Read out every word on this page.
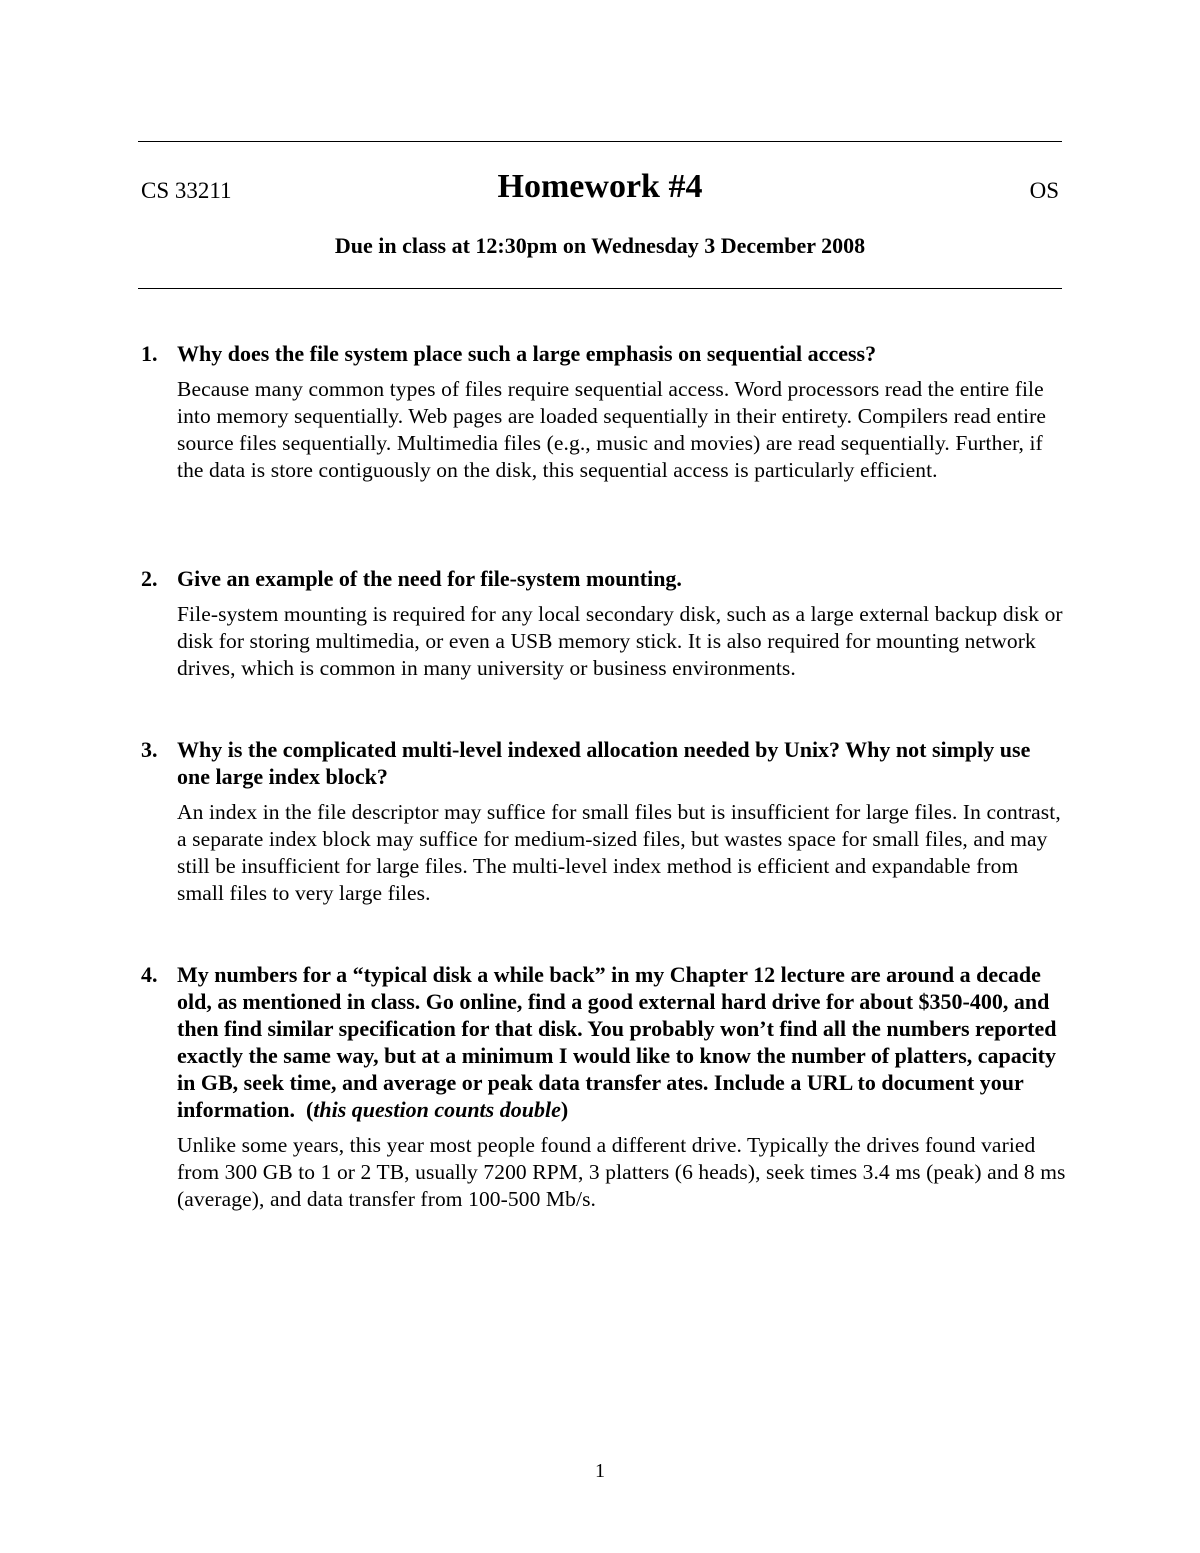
CS 33211	Homework #4	OS
Due in class at 12:30pm on Wednesday 3 December 2008
1. Why does the file system place such a large emphasis on sequential access?
Because many common types of files require sequential access. Word processors read the entire file into memory sequentially. Web pages are loaded sequentially in their entirety. Compilers read entire source files sequentially. Multimedia files (e.g., music and movies) are read sequentially. Further, if the data is store contiguously on the disk, this sequential access is particularly efficient.
2. Give an example of the need for file-system mounting.
File-system mounting is required for any local secondary disk, such as a large external backup disk or disk for storing multimedia, or even a USB memory stick. It is also required for mounting network drives, which is common in many university or business environments.
3. Why is the complicated multi-level indexed allocation needed by Unix? Why not simply use one large index block?
An index in the file descriptor may suffice for small files but is insufficient for large files. In contrast, a separate index block may suffice for medium-sized files, but wastes space for small files, and may still be insufficient for large files. The multi-level index method is efficient and expandable from small files to very large files.
4. My numbers for a “typical disk a while back” in my Chapter 12 lecture are around a decade old, as mentioned in class. Go online, find a good external hard drive for about $350-400, and then find similar specification for that disk. You probably won’t find all the numbers reported exactly the same way, but at a minimum I would like to know the number of platters, capacity in GB, seek time, and average or peak data transfer ates. Include a URL to document your information. (this question counts double)
Unlike some years, this year most people found a different drive. Typically the drives found varied from 300 GB to 1 or 2 TB, usually 7200 RPM, 3 platters (6 heads), seek times 3.4 ms (peak) and 8 ms (average), and data transfer from 100-500 Mb/s.
1
